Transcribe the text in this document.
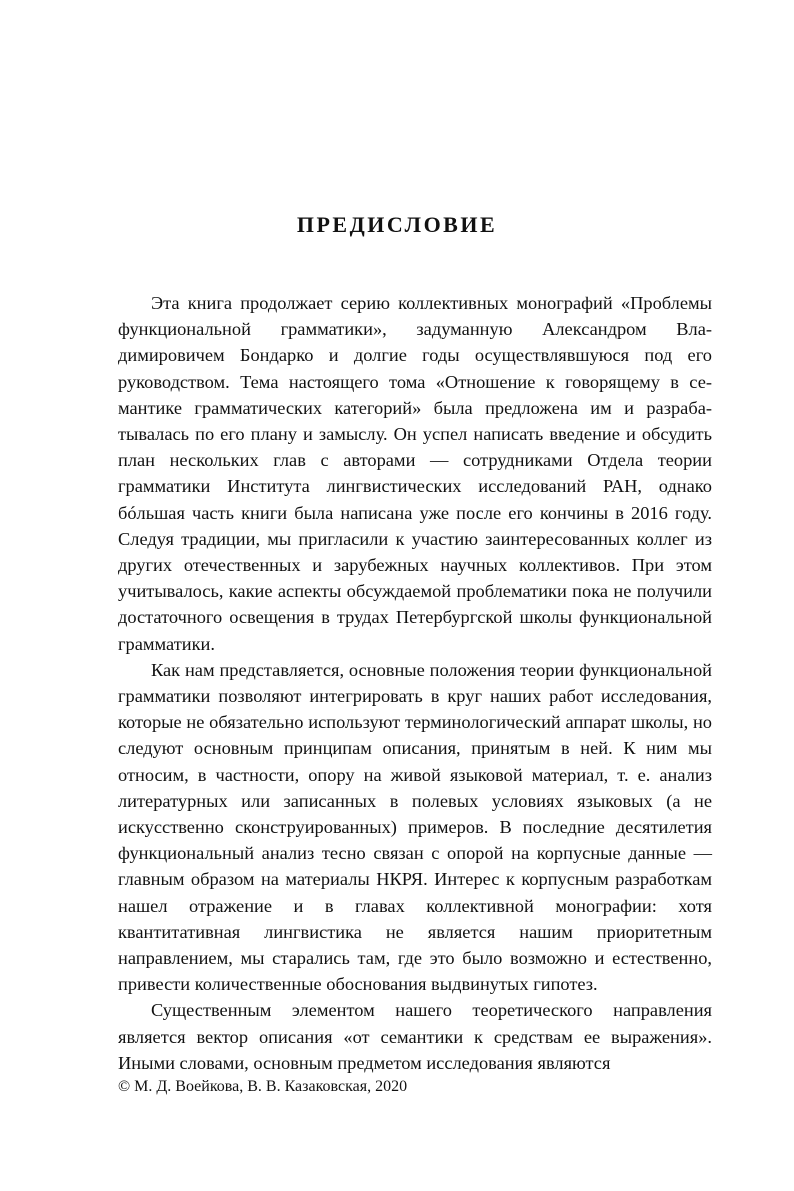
ПРЕДИСЛОВИЕ

Эта книга продолжает серию коллективных монографий «Проблемы функциональной грамматики», задуманную Александром Владимировичем Бондарко и долгие годы осуществлявшуюся под его руководством. Тема настоящего тома «Отношение к говорящему в семантике грамматических категорий» была предложена им и разрабатывалась по его плану и замыслу. Он успел написать введение и обсудить план нескольких глав с авторами — сотрудниками Отдела теории грамматики Института лингвистических исследований РАН, однако бóльшая часть книги была написана уже после его кончины в 2016 году. Следуя традиции, мы пригласили к участию заинтересованных коллег из других отечественных и зарубежных научных коллективов. При этом учитывалось, какие аспекты обсуждаемой проблематики пока не получили достаточного освещения в трудах Петербургской школы функциональной грамматики.

Как нам представляется, основные положения теории функциональной грамматики позволяют интегрировать в круг наших работ исследования, которые не обязательно используют терминологический аппарат школы, но следуют основным принципам описания, принятым в ней. К ним мы относим, в частности, опору на живой языковой материал, т. е. анализ литературных или записанных в полевых условиях языковых (а не искусственно сконструированных) примеров. В последние десятилетия функциональный анализ тесно связан с опорой на корпусные данные — главным образом на материалы НКРЯ. Интерес к корпусным разработкам нашел отражение и в главах коллективной монографии: хотя квантитативная лингвистика не является нашим приоритетным направлением, мы старались там, где это было возможно и естественно, привести количественные обоснования выдвинутых гипотез.

Существенным элементом нашего теоретического направления является вектор описания «от семантики к средствам ее выражения». Иными словами, основным предметом исследования являются

© М. Д. Воейкова, В. В. Казаковская, 2020
